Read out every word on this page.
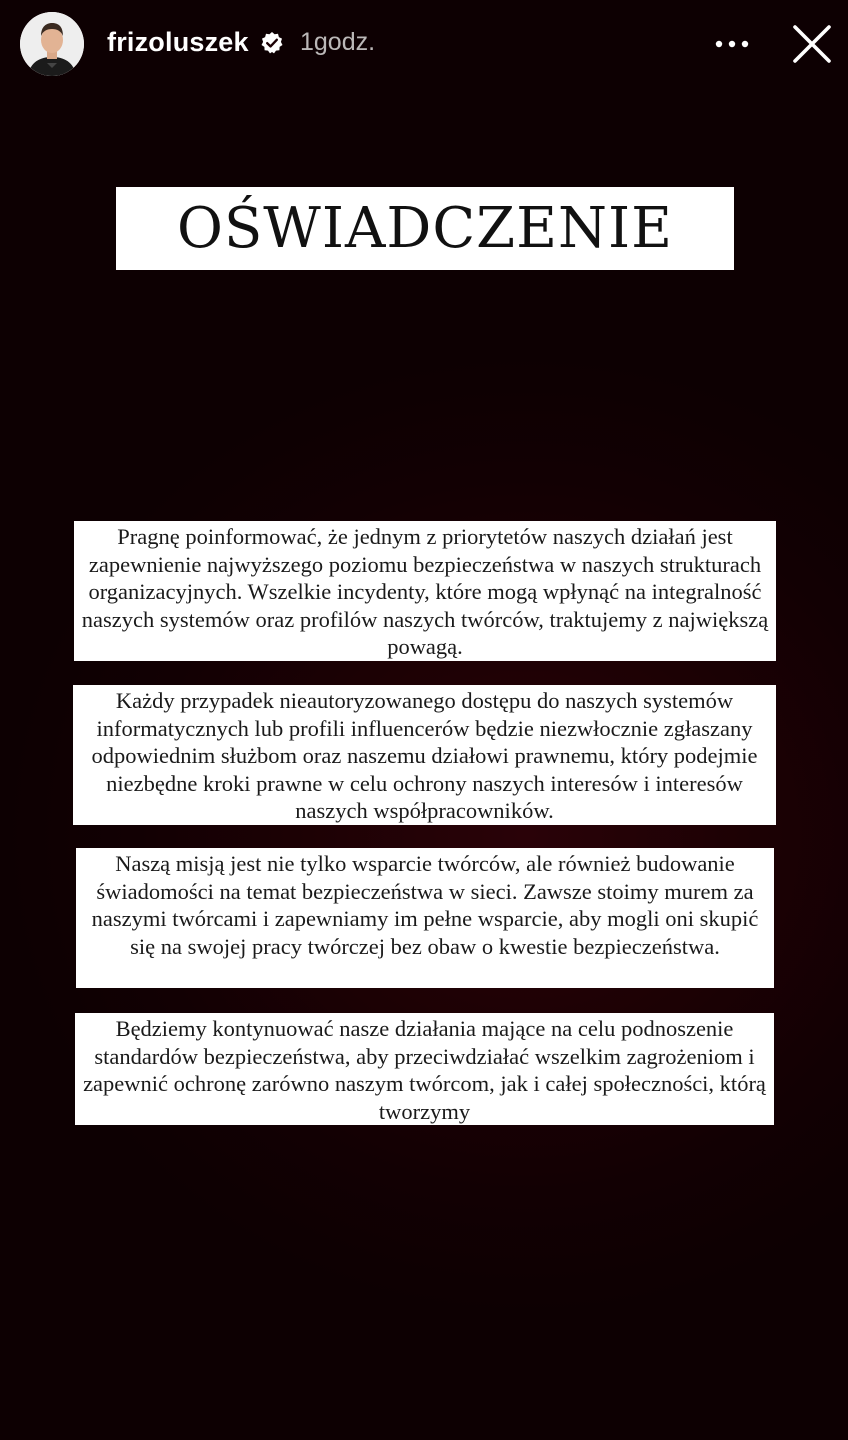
frizoluszek 1godz.
OŚWIADCZENIE
Pragnę poinformować, że jednym z priorytetów naszych działań jest zapewnienie najwyższego poziomu bezpieczeństwa w naszych strukturach organizacyjnych. Wszelkie incydenty, które mogą wpłynąć na integralność naszych systemów oraz profilów naszych twórców, traktujemy z największą powagą.
Każdy przypadek nieautoryzowanego dostępu do naszych systemów informatycznych lub profili influencerów będzie niezwłocznie zgłaszany odpowiednim służbom oraz naszemu działowi prawnemu, który podejmie niezbędne kroki prawne w celu ochrony naszych interesów i interesów naszych współpracowników.
Naszą misją jest nie tylko wsparcie twórców, ale również budowanie świadomości na temat bezpieczeństwa w sieci. Zawsze stoimy murem za naszymi twórcami i zapewniamy im pełne wsparcie, aby mogli oni skupić się na swojej pracy twórczej bez obaw o kwestie bezpieczeństwa.
Będziemy kontynuować nasze działania mające na celu podnoszenie standardów bezpieczeństwa, aby przeciwdziałać wszelkim zagrożeniom i zapewnić ochronę zarówno naszym twórcom, jak i całej społeczności, którą tworzymy
